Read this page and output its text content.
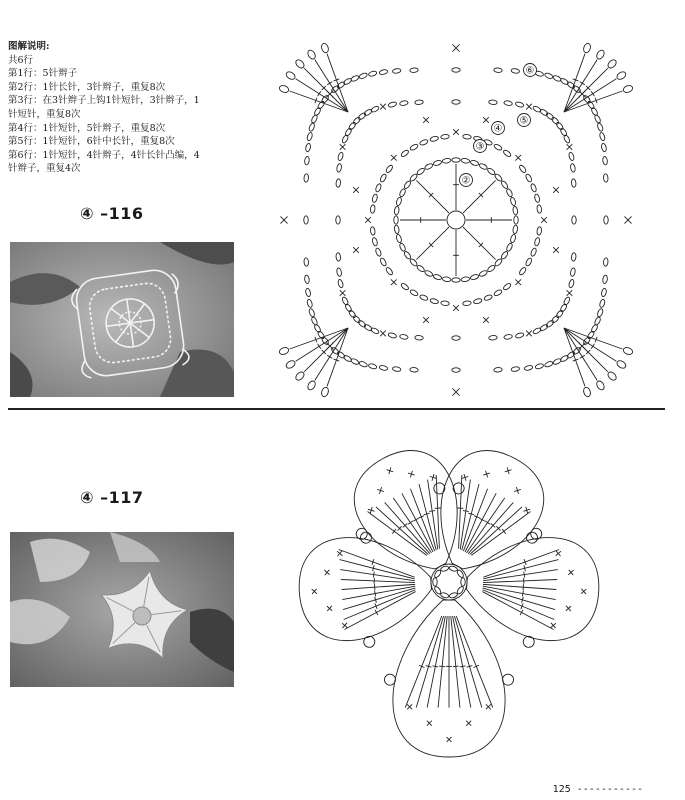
图解说明:
共6行
第1行：5针辫子
第2行：1针长针，3针辫子，重复8次
第3行：在3针辫子上钩1针短针，3针辫子，1
针短针，重复8次
第4行：1针短针，5针辫子，重复8次
第5行：1针短针，6针中长针，重复8次
第6行：1针短针，4针辫子，4针长针凸编，4
针辫子，重复4次
④ –116
④ –117
②
③
④
⑤
⑥
125 -----------
